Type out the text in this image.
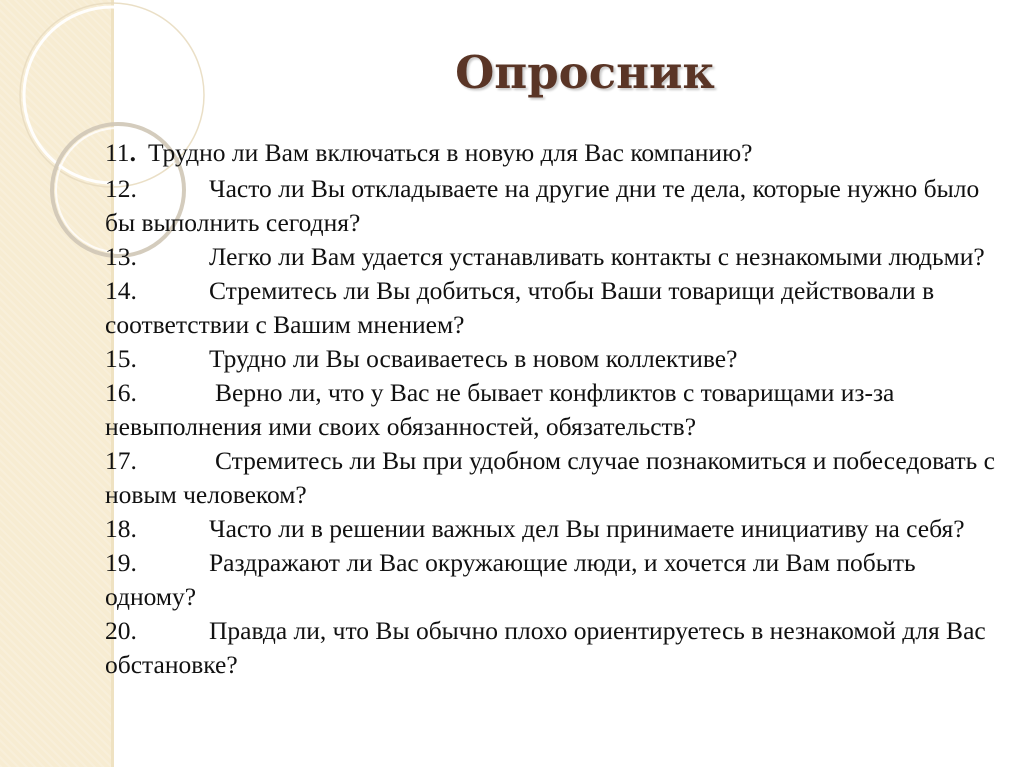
Опросник
11. Трудно ли Вам включаться в новую для Вас компанию?
12.	Часто ли Вы откладываете на другие дни те дела, которые нужно было бы выполнить сегодня?
13.	Легко ли Вам удается устанавливать контакты с незнакомыми людьми?
14.	Стремитесь ли Вы добиться, чтобы Ваши товарищи действовали в соответствии с Вашим мнением?
15.	Трудно ли Вы осваиваетесь в новом коллективе?
16.	Верно ли, что у Вас не бывает конфликтов с товарищами из-за невыполнения ими своих обязанностей, обязательств?
17.	Стремитесь ли Вы при удобном случае познакомиться и побеседовать с новым человеком?
18.	Часто ли в решении важных дел Вы принимаете инициативу на себя?
19.	Раздражают ли Вас окружающие люди, и хочется ли Вам побыть одному?
20.	Правда ли, что Вы обычно плохо ориентируетесь в незнакомой для Вас обстановке?
